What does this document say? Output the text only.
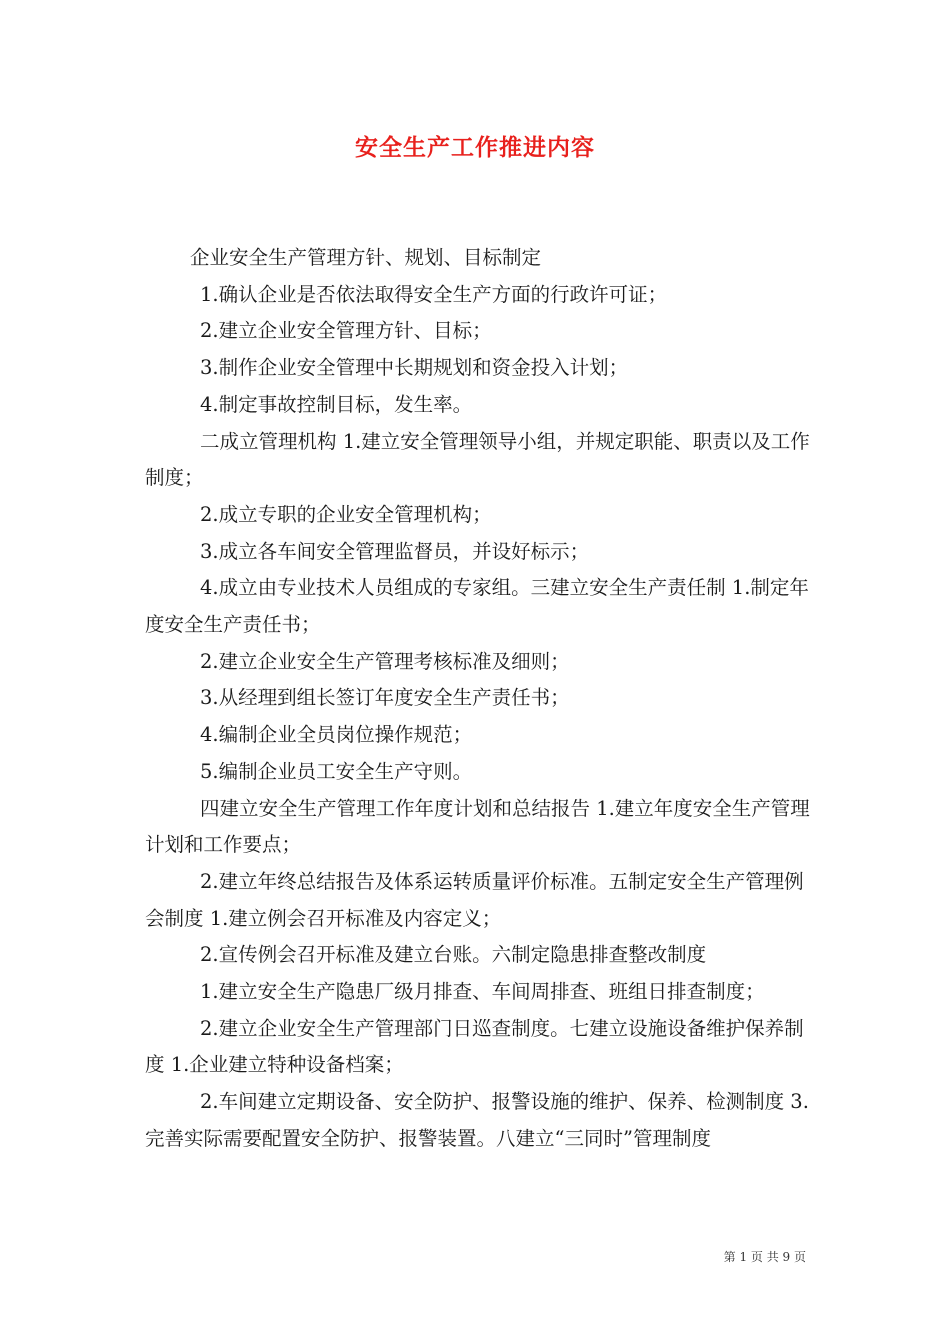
安全生产工作推进内容

企业安全生产管理方针、规划、目标制定

1.确认企业是否依法取得安全生产方面的行政许可证；

2.建立企业安全管理方针、目标；

3.制作企业安全管理中长期规划和资金投入计划；

4.制定事故控制目标，发生率。

二成立管理机构 1.建立安全管理领导小组，并规定职能、职责以及工作制度；

2.成立专职的企业安全管理机构；

3.成立各车间安全管理监督员，并设好标示；

4.成立由专业技术人员组成的专家组。三建立安全生产责任制 1.制定年度安全生产责任书；

2.建立企业安全生产管理考核标准及细则；

3.从经理到组长签订年度安全生产责任书；

4.编制企业全员岗位操作规范；

5.编制企业员工安全生产守则。

四建立安全生产管理工作年度计划和总结报告 1.建立年度安全生产管理计划和工作要点；

2.建立年终总结报告及体系运转质量评价标准。五制定安全生产管理例会制度 1.建立例会召开标准及内容定义；

2.宣传例会召开标准及建立台账。六制定隐患排查整改制度

1.建立安全生产隐患厂级月排查、车间周排查、班组日排查制度；

2.建立企业安全生产管理部门日巡查制度。七建立设施设备维护保养制度 1.企业建立特种设备档案；

2.车间建立定期设备、安全防护、报警设施的维护、保养、检测制度 3.完善实际需要配置安全防护、报警装置。八建立“三同时”管理制度

第 1 页 共 9 页
